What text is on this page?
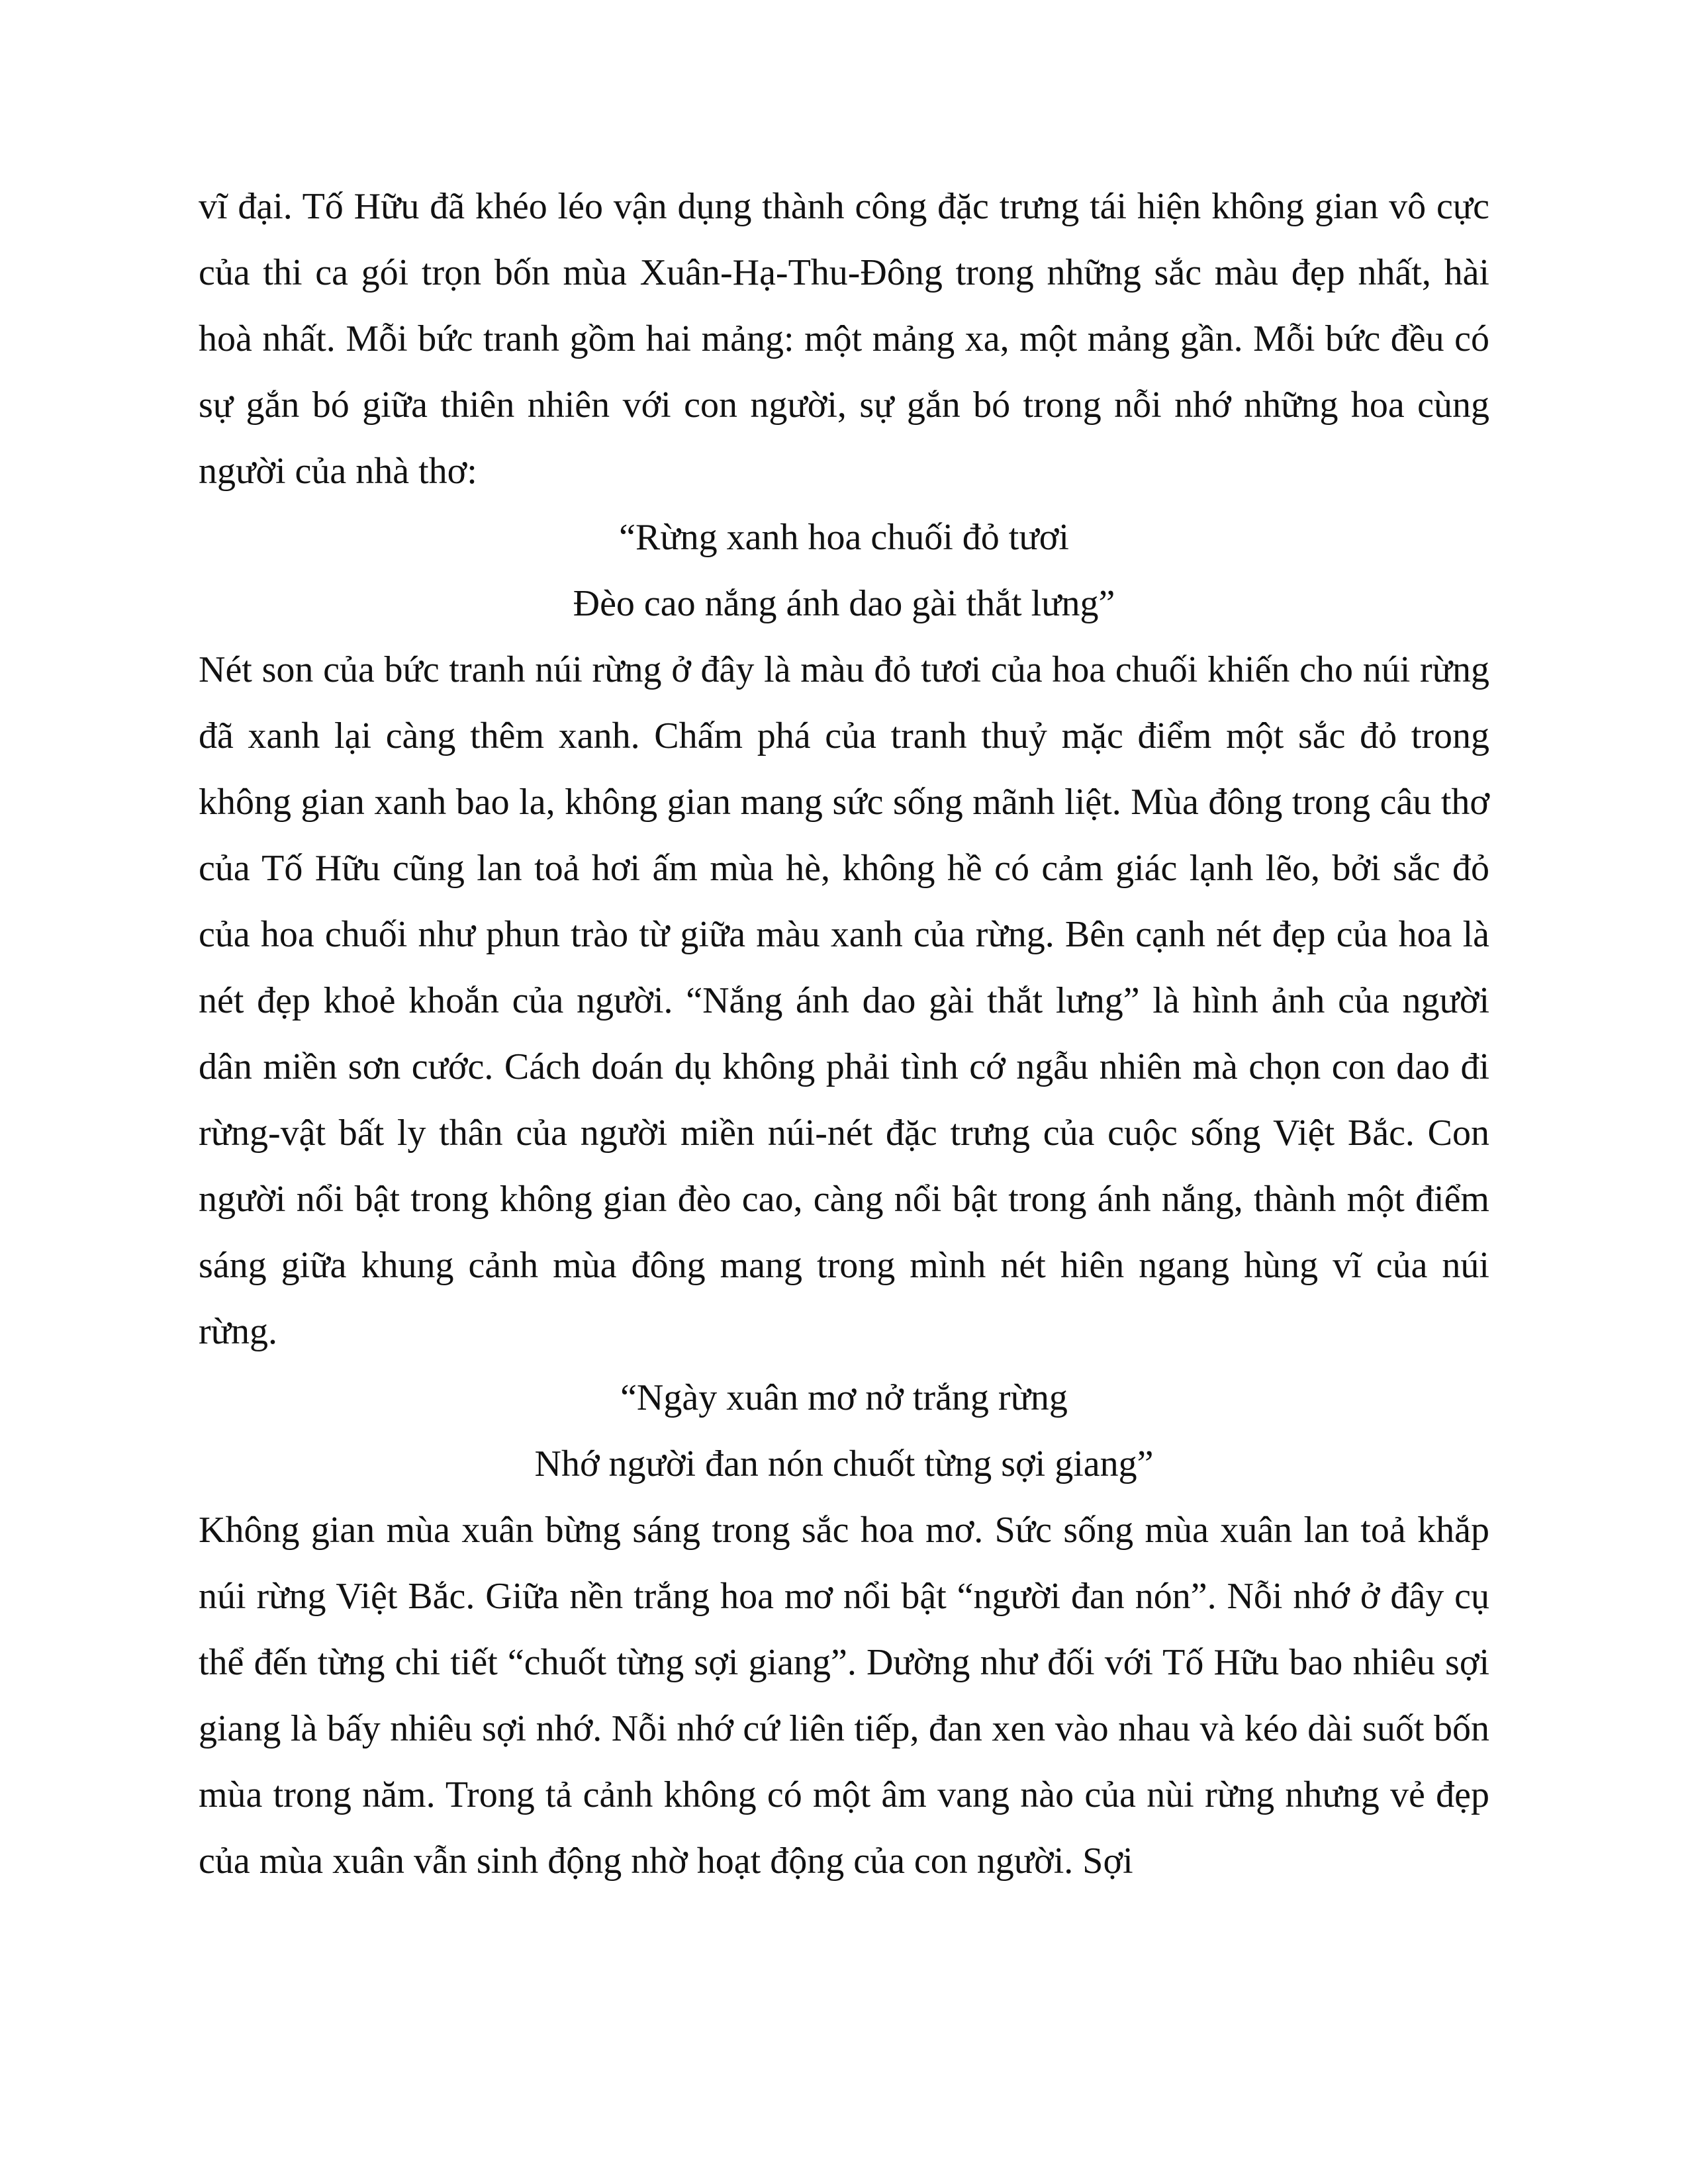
vĩ đại. Tố Hữu đã khéo léo vận dụng thành công đặc trưng tái hiện không gian vô cực của thi ca gói trọn bốn mùa Xuân-Hạ-Thu-Đông trong những sắc màu đẹp nhất, hài hoà nhất. Mỗi bức tranh gồm hai mảng: một mảng xa, một mảng gần. Mỗi bức đều có sự gắn bó giữa thiên nhiên với con người, sự gắn bó trong nỗi nhớ những hoa cùng người của nhà thơ:

“Rừng xanh hoa chuối đỏ tươi

Đèo cao nắng ánh dao gài thắt lưng”

Nét son của bức tranh núi rừng ở đây là màu đỏ tươi của hoa chuối khiến cho núi rừng đã xanh lại càng thêm xanh. Chấm phá của tranh thuỷ mặc điểm một sắc đỏ trong không gian xanh bao la, không gian mang sức sống mãnh liệt. Mùa đông trong câu thơ của Tố Hữu cũng lan toả hơi ấm mùa hè, không hề có cảm giác lạnh lẽo, bởi sắc đỏ của hoa chuối như phun trào từ giữa màu xanh của rừng. Bên cạnh nét đẹp của hoa là nét đẹp khoẻ khoắn của người. “Nắng ánh dao gài thắt lưng” là hình ảnh của người dân miền sơn cước. Cách doán dụ không phải tình cớ ngẫu nhiên mà chọn con dao đi rừng-vật bất ly thân của người miền núi-nét đặc trưng của cuộc sống Việt Bắc. Con người nổi bật trong không gian đèo cao, càng nổi bật trong ánh nắng, thành một điểm sáng giữa khung cảnh mùa đông mang trong mình nét hiên ngang hùng vĩ của núi rừng.

“Ngày xuân mơ nở trắng rừng

Nhớ người đan nón chuốt từng sợi giang”

Không gian mùa xuân bừng sáng trong sắc hoa mơ. Sức sống mùa xuân lan toả khắp núi rừng Việt Bắc. Giữa nền trắng hoa mơ nổi bật “người đan nón”. Nỗi nhớ ở đây cụ thể đến từng chi tiết “chuốt từng sợi giang”. Dường như đối với Tố Hữu bao nhiêu sợi giang là bấy nhiêu sợi nhớ. Nỗi nhớ cứ liên tiếp, đan xen vào nhau và kéo dài suốt bốn mùa trong năm. Trong tả cảnh không có một âm vang nào của nùi rừng nhưng vẻ đẹp của mùa xuân vẫn sinh động nhờ hoạt động của con người. Sợi
